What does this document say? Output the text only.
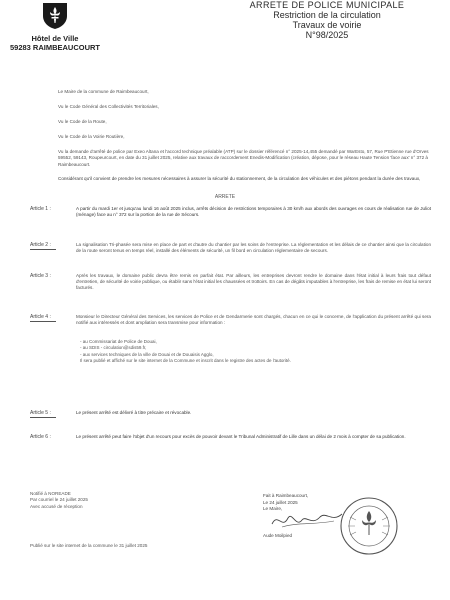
Hôtel de Ville
59283 RAIMBEAUCOURT
ARRETE DE POLICE MUNICIPALE
Restriction de la circulation
Travaux de voirie
N°98/2025
Le Maire de la commune de Raimbeaucourt,
Vu le Code Général des Collectivités Territoriales,
Vu le Code de la Route,
Vu le Code de la Voirie Routière,
Vu la demande d'arrêté de police par Exeo Altana et l'accord technique préalable (ATP) sur le dossier référencé n° 2025-14,455 demandé par WarEsto, 57, Rue P'Etienne rue d'Orves 59552, 59143, Roupeurcourt, en date du 31 juillet 2025, relative aux travaux de raccordement Enedis-Modification (création, dépose, pour le réseau Haute Tension 'face aux' n° 372 à Raimbeaucourt.
Considérant qu'il convient de prendre les mesures nécessaires à assurer la sécurité du stationnement, de la circulation des véhicules et des piétons pendant la durée des travaux,
ARRETE
Article 1 :	A partir du mardi 1er et jusqu'au lundi 16 août 2025 inclus, arrêts décision de restrictions temporaires à 30 km/h aux abords des ouvrages en cours de réalisation rue de Juliot (ménage) face au n° 372 sur la portion de la rue de Sécours.
Article 2 :	La signalisation Tri-phasée sera mise en place de part et d'autre du chantier par les soins de l'entreprise. La réglementation et les délais de ce chantier ainsi que la circulation de la route seront tenus en temps réel, installé des éléments de sécurité, un fil bord en circulation réglementaire de secours.
Article 3 :	Après les travaux, le domaine public devra être remis en parfait état. Par ailleurs, les entreprises devront rendre le domaine dans l'état initial à leurs frais tout défaut d'entretien, de sécurité de voirie publique, ou établir sans l'état initial les chaussées et trottoirs. En cas de dégâts imputables à l'entreprise, les frais de remise en état lui seront facturés.
Article 4 :	Monsieur le Directeur Général des Services, les services de Police et de Gendarmerie sont chargés, chacun en ce qui le concerne, de l'application du présent arrêté qui sera notifié aux intéressés et dont ampliation sera transmise pour information :
- au Commissariat de Police de Douai,
- au SDIS - circulation@sdis59.fr,
- aux services techniques de la ville de Douai et de Douaisis Agglo,
Il sera publié et affiché sur le site internet de la Commune et inscrit dans le registre des actes de l'autorité.
Article 5 :	Le présent arrêté est délivré à titre précaire et révocable.
Article 6 :	Le présent arrêté peut faire l'objet d'un recours pour excès de pouvoir devant le Tribunal Administratif de Lille dans un délai de 2 mois à compter de sa publication.
Notifié à NOREADE
Par courriel le 24 juillet 2025
Avec accusé de réception
Publié sur le site internet de la commune le 31 juillet 2025
Fait à Raimbeaucourt,
Le 24 juillet 2025
Le Maire,
Aude Moilpied
